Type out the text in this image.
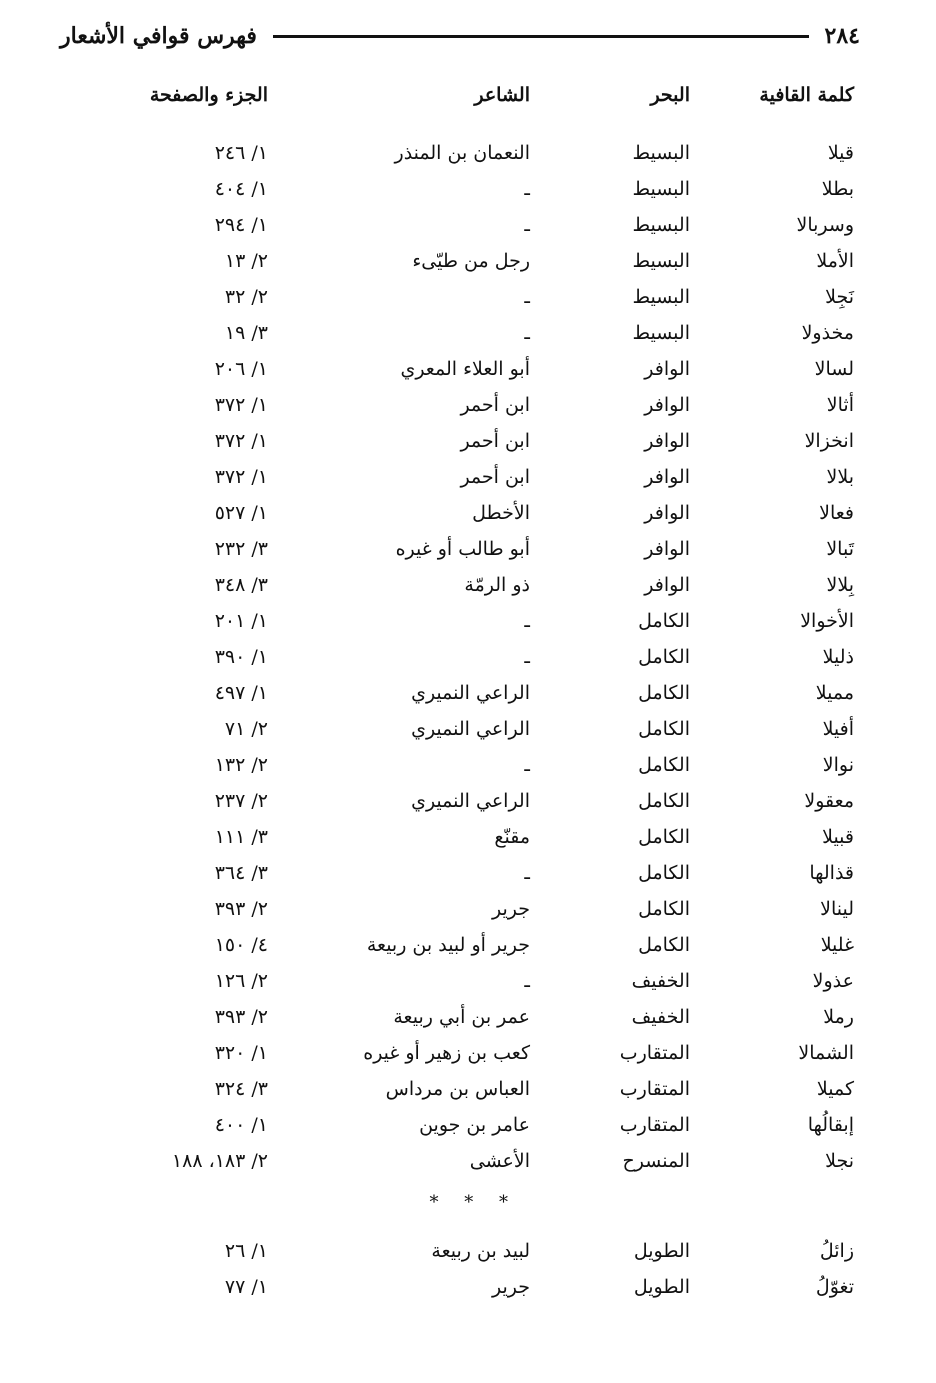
٢٨٤
فهرس قوافي الأشعار
كلمة القافية
البحر
الشاعر
الجزء والصفحة
قيلا
البسيط
النعمان بن المنذر
١/ ٢٤٦
بطلا
البسيط
ـ
١/ ٤٠٤
وسربالا
البسيط
ـ
١/ ٢٩٤
الأملا
البسيط
رجل من طيّىء
٢/ ١٣
نَجِلا
البسيط
ـ
٢/ ٣٢
مخذولا
البسيط
ـ
٣/ ١٩
لسالا
الوافر
أبو العلاء المعري
١/ ٢٠٦
أثالا
الوافر
ابن أحمر
١/ ٣٧٢
انخزالا
الوافر
ابن أحمر
١/ ٣٧٢
بلالا
الوافر
ابن أحمر
١/ ٣٧٢
فعالا
الوافر
الأخطل
١/ ٥٢٧
تَبالا
الوافر
أبو طالب أو غيره
٣/ ٢٣٢
بِلالا
الوافر
ذو الرمّة
٣/ ٣٤٨
الأخوالا
الكامل
ـ
١/ ٢٠١
ذليلا
الكامل
ـ
١/ ٣٩٠
مميلا
الكامل
الراعي النميري
١/ ٤٩٧
أفيلا
الكامل
الراعي النميري
٢/ ٧١
نوالا
الكامل
ـ
٢/ ١٣٢
معقولا
الكامل
الراعي النميري
٢/ ٢٣٧
قبيلا
الكامل
مقنّع
٣/ ١١١
قذالها
الكامل
ـ
٣/ ٣٦٤
لينالا
الكامل
جرير
٢/ ٣٩٣
غليلا
الكامل
جرير أو لبيد بن ربيعة
٤/ ١٥٠
عذولا
الخفيف
ـ
٢/ ١٢٦
رملا
الخفيف
عمر بن أبي ربيعة
٢/ ٣٩٣
الشمالا
المتقارب
كعب بن زهير أو غيره
١/ ٣٢٠
كميلا
المتقارب
العباس بن مرداس
٣/ ٣٢٤
إبقالُها
المتقارب
عامر بن جوين
١/ ٤٠٠
نجلا
المنسرح
الأعشى
٢/ ١٨٣، ١٨٨
* * *
زائلُ
الطويل
لبيد بن ربيعة
١/ ٢٦
تغوّلُ
الطويل
جرير
١/ ٧٧
